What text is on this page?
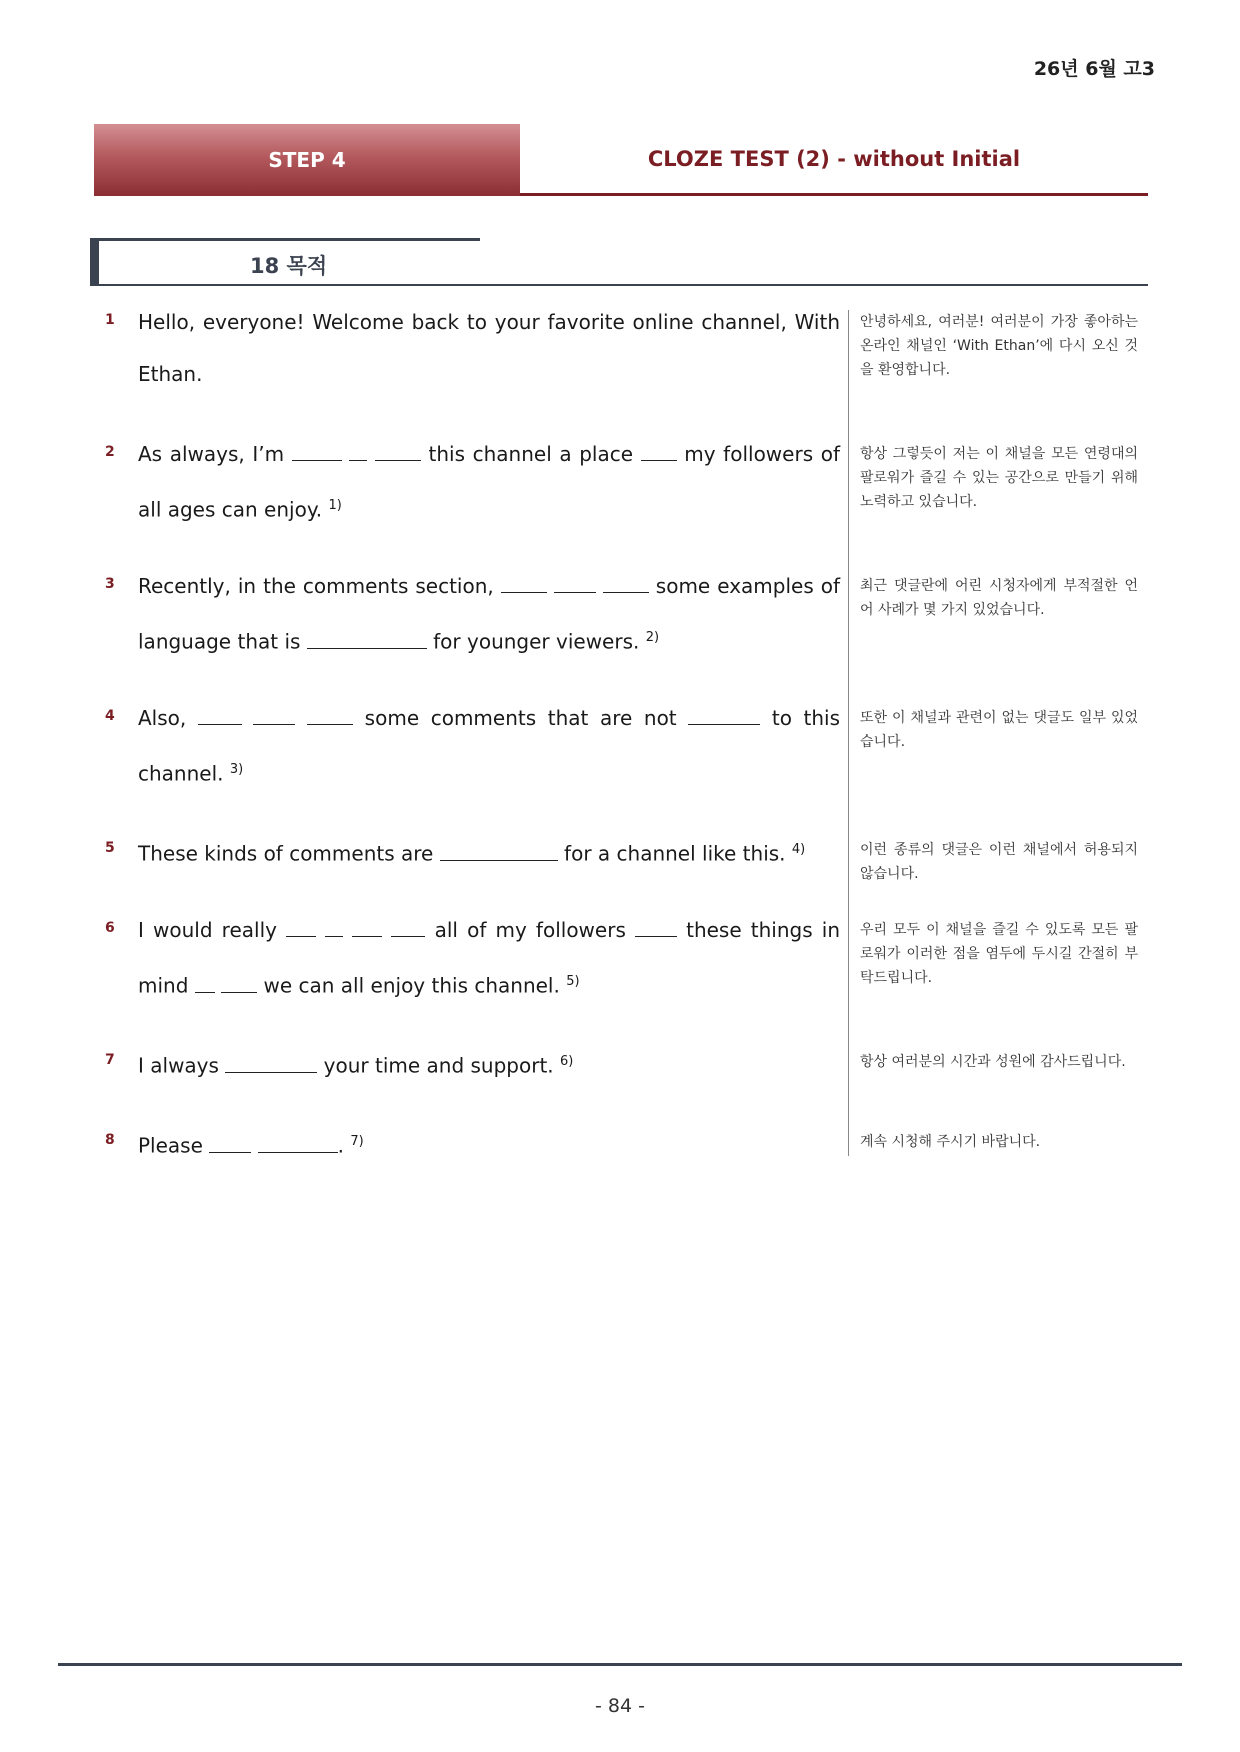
26년 6월 고3
STEP 4	CLOZE TEST (2) - without Initial
18 목적
1 Hello, everyone! Welcome back to your favorite online channel, With Ethan.
안녕하세요, 여러분! 여러분이 가장 좋아하는 온라인 채널인 ‘With Ethan’에 다시 오신 것을 환영합니다.
2 As always, I’m	this channel a place  my followers of all ages can enjoy. $^{1)}$
항상 그렇듯이 저는 이 채널을 모든 연령대의 팔로워가 즐길 수 있는 공간으로 만들기 위해 노력하고 있습니다.
3 Recently, in the comments section,	some examples of language that is	for younger viewers. $^{2)}$
최근 댓글란에 어린 시청자에게 부적절한 언어 사례가 몇 가지 있었습니다.
4 Also,	some comments that are not	to this channel. $^{3)}$
또한 이 채널과 관련이 없는 댓글도 일부 있었습니다.
5 These kinds of comments are	for a channel like this. $^{4)}$	이런 종류의 댓글은 이런 채널에서 허용되지 않습니다.
6 I would really	all of my followers  these things in mind	we can all enjoy this channel. $^{5)}$
우리 모두 이 채널을 즐길 수 있도록 모든 팔로워가 이러한 점을 염두에 두시길 간절히 부탁드립니다.
7 I always	your time and support. $^{6)}$	항상 여러분의 시간과 성원에 감사드립니다.
8 Please	. $^{7)}$	계속 시청해 주시기 바랍니다.
- 84 -
